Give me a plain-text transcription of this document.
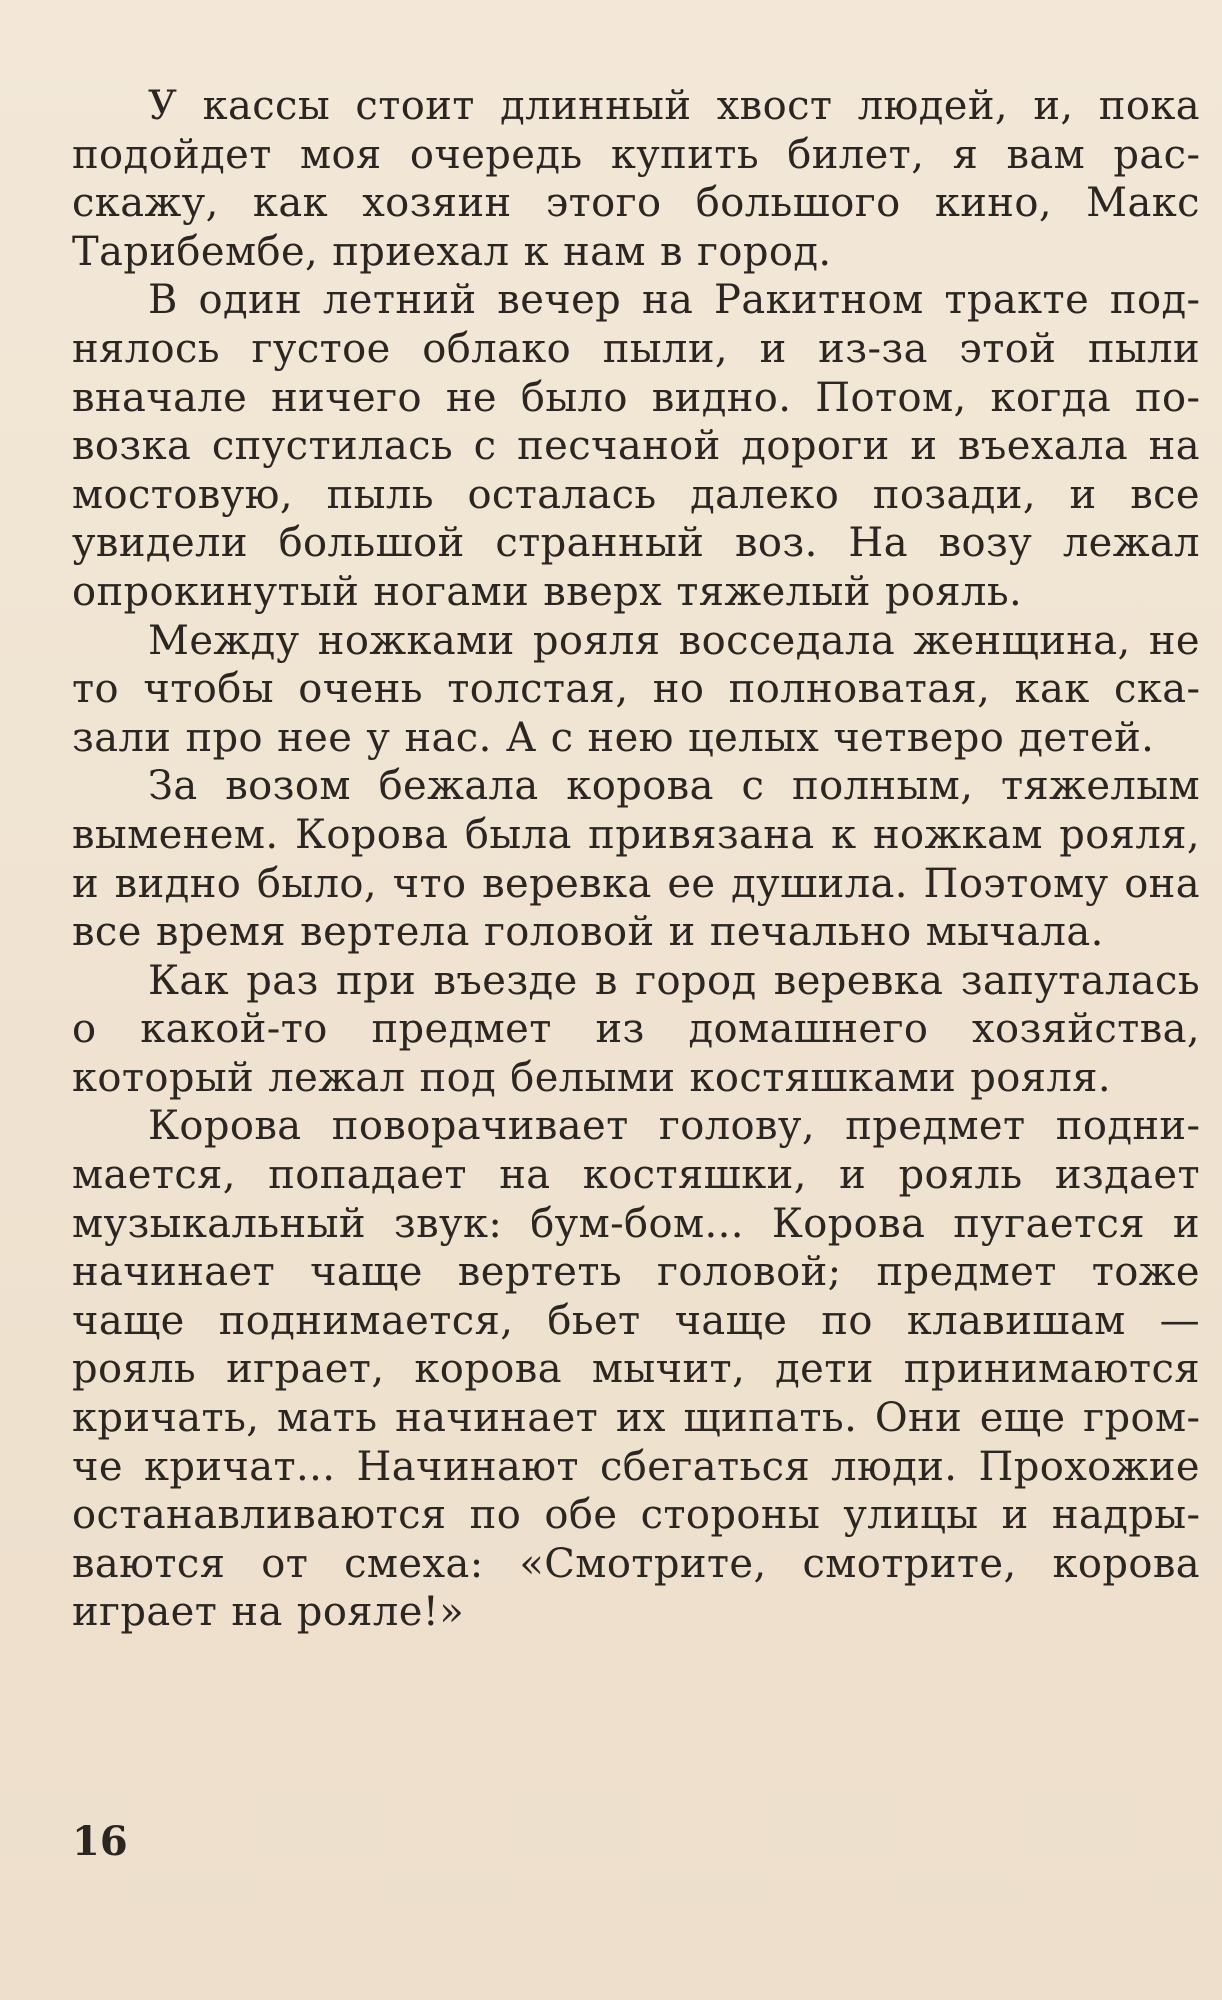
У кассы стоит длинный хвост людей, и, пока подойдет моя очередь купить билет, я вам расскажу, как хозяин этого большого кино, Макс Тарибембе, приехал к нам в город.

В один летний вечер на Ракитном тракте поднялось густое облако пыли, и из-за этой пыли вначале ничего не было видно. Потом, когда повозка спустилась с песчаной дороги и въехала на мостовую, пыль осталась далеко позади, и все увидели большой странный воз. На возу лежал опрокинутый ногами вверх тяжелый рояль.

Между ножками рояля восседала женщина, не то чтобы очень толстая, но полноватая, как сказали про нее у нас. А с нею целых четверо детей.

За возом бежала корова с полным, тяжелым выменем. Корова была привязана к ножкам рояля, и видно было, что веревка ее душила. Поэтому она все время вертела головой и печально мычала.

Как раз при въезде в город веревка запуталась о какой-то предмет из домашнего хозяйства, который лежал под белыми костяшками рояля.

Корова поворачивает голову, предмет поднимается, попадает на костяшки, и рояль издает музыкальный звук: бум-бом... Корова пугается и начинает чаще вертеть головой; предмет тоже чаще поднимается, бьет чаще по клавишам — рояль играет, корова мычит, дети принимаются кричать, мать начинает их щипать. Они еще громче кричат... Начинают сбегаться люди. Прохожие останавливаются по обе стороны улицы и надрываются от смеха: «Смотрите, смотрите, корова играет на рояле!»

16
